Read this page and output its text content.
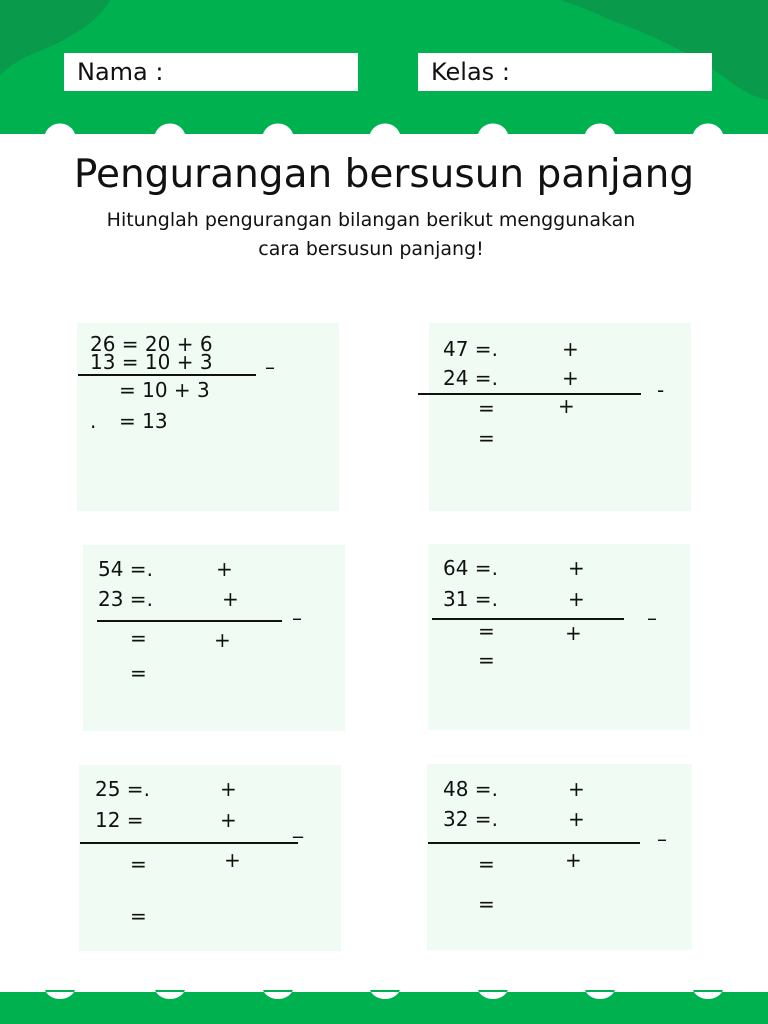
Nama :	Kelas :
Pengurangan bersusun panjang
Hitunglah pengurangan bilangan berikut menggunakan
cara bersusun panjang!
26 = 20 + 6
13 = 10 + 3	–
= 10 + 3
. = 13
47 =.	+
24 =.	+	-
=	+
=
54 =.	+
23 =.	+
–
=	+
=
64 =.	+
31 =.	+
–
=	+
=
25 =.	+
12 =	+	_
=	+
=
48 =.	+
32 =.	+
–
=	+
=
